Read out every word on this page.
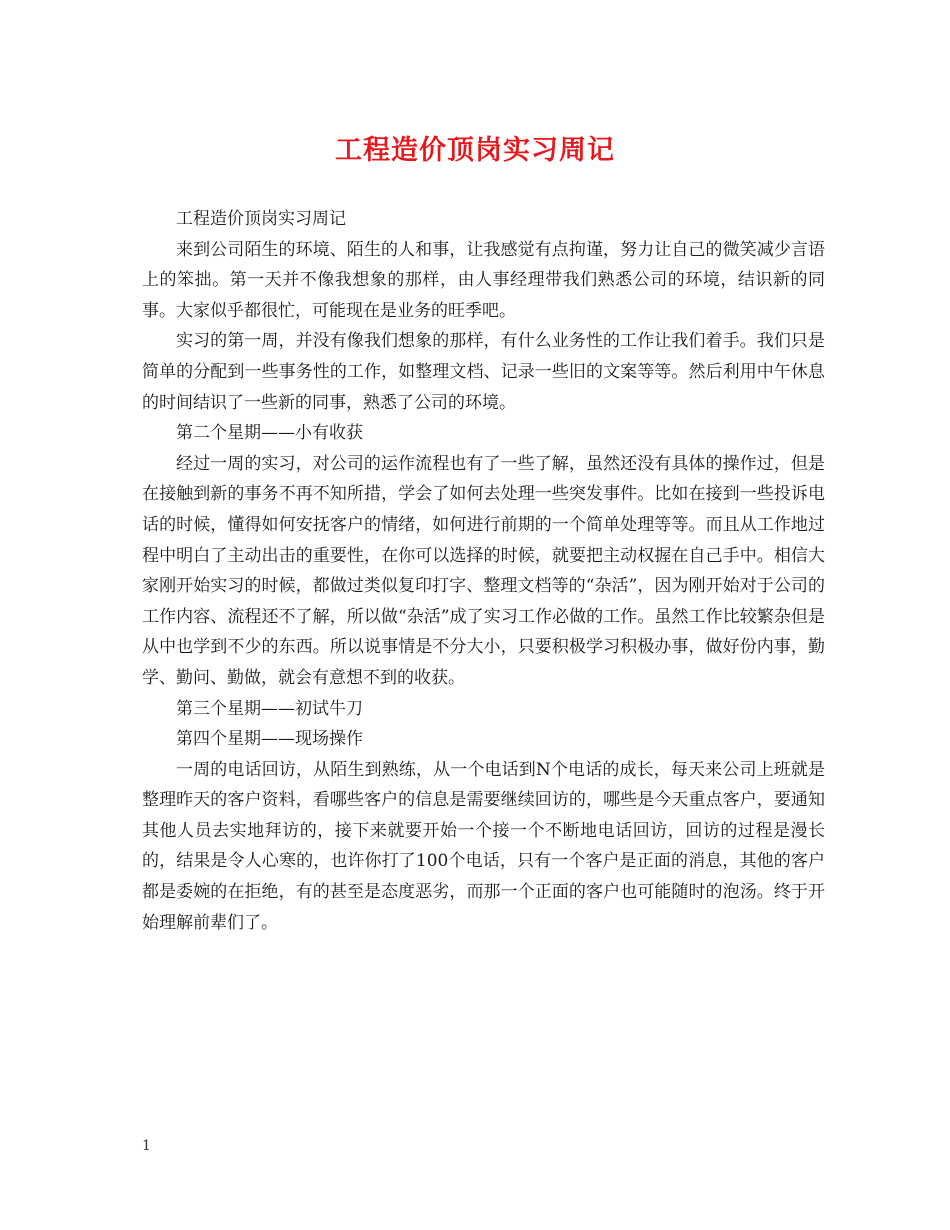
工程造价顶岗实习周记

工程造价顶岗实习周记

来到公司陌生的环境、陌生的人和事，让我感觉有点拘谨，努力让自己的微笑减少言语上的笨拙。第一天并不像我想象的那样，由人事经理带我们熟悉公司的环境，结识新的同事。大家似乎都很忙，可能现在是业务的旺季吧。

实习的第一周，并没有像我们想象的那样，有什么业务性的工作让我们着手。我们只是简单的分配到一些事务性的工作，如整理文档、记录一些旧的文案等等。然后利用中午休息的时间结识了一些新的同事，熟悉了公司的环境。

第二个星期——小有收获

经过一周的实习，对公司的运作流程也有了一些了解，虽然还没有具体的操作过，但是在接触到新的事务不再不知所措，学会了如何去处理一些突发事件。比如在接到一些投诉电话的时候，懂得如何安抚客户的情绪，如何进行前期的一个简单处理等等。而且从工作地过程中明白了主动出击的重要性，在你可以选择的时候，就要把主动权握在自己手中。相信大家刚开始实习的时候，都做过类似复印打字、整理文档等的“杂活”，因为刚开始对于公司的工作内容、流程还不了解，所以做“杂活”成了实习工作必做的工作。虽然工作比较繁杂但是从中也学到不少的东西。所以说事情是不分大小，只要积极学习积极办事，做好份内事，勤学、勤问、勤做，就会有意想不到的收获。

第三个星期——初试牛刀

第四个星期——现场操作

一周的电话回访，从陌生到熟练，从一个电话到N个电话的成长，每天来公司上班就是整理昨天的客户资料，看哪些客户的信息是需要继续回访的，哪些是今天重点客户，要通知其他人员去实地拜访的，接下来就要开始一个接一个不断地电话回访，回访的过程是漫长的，结果是令人心寒的，也许你打了100个电话，只有一个客户是正面的消息，其他的客户都是委婉的在拒绝，有的甚至是态度恶劣，而那一个正面的客户也可能随时的泡汤。终于开始理解前辈们了。

1
